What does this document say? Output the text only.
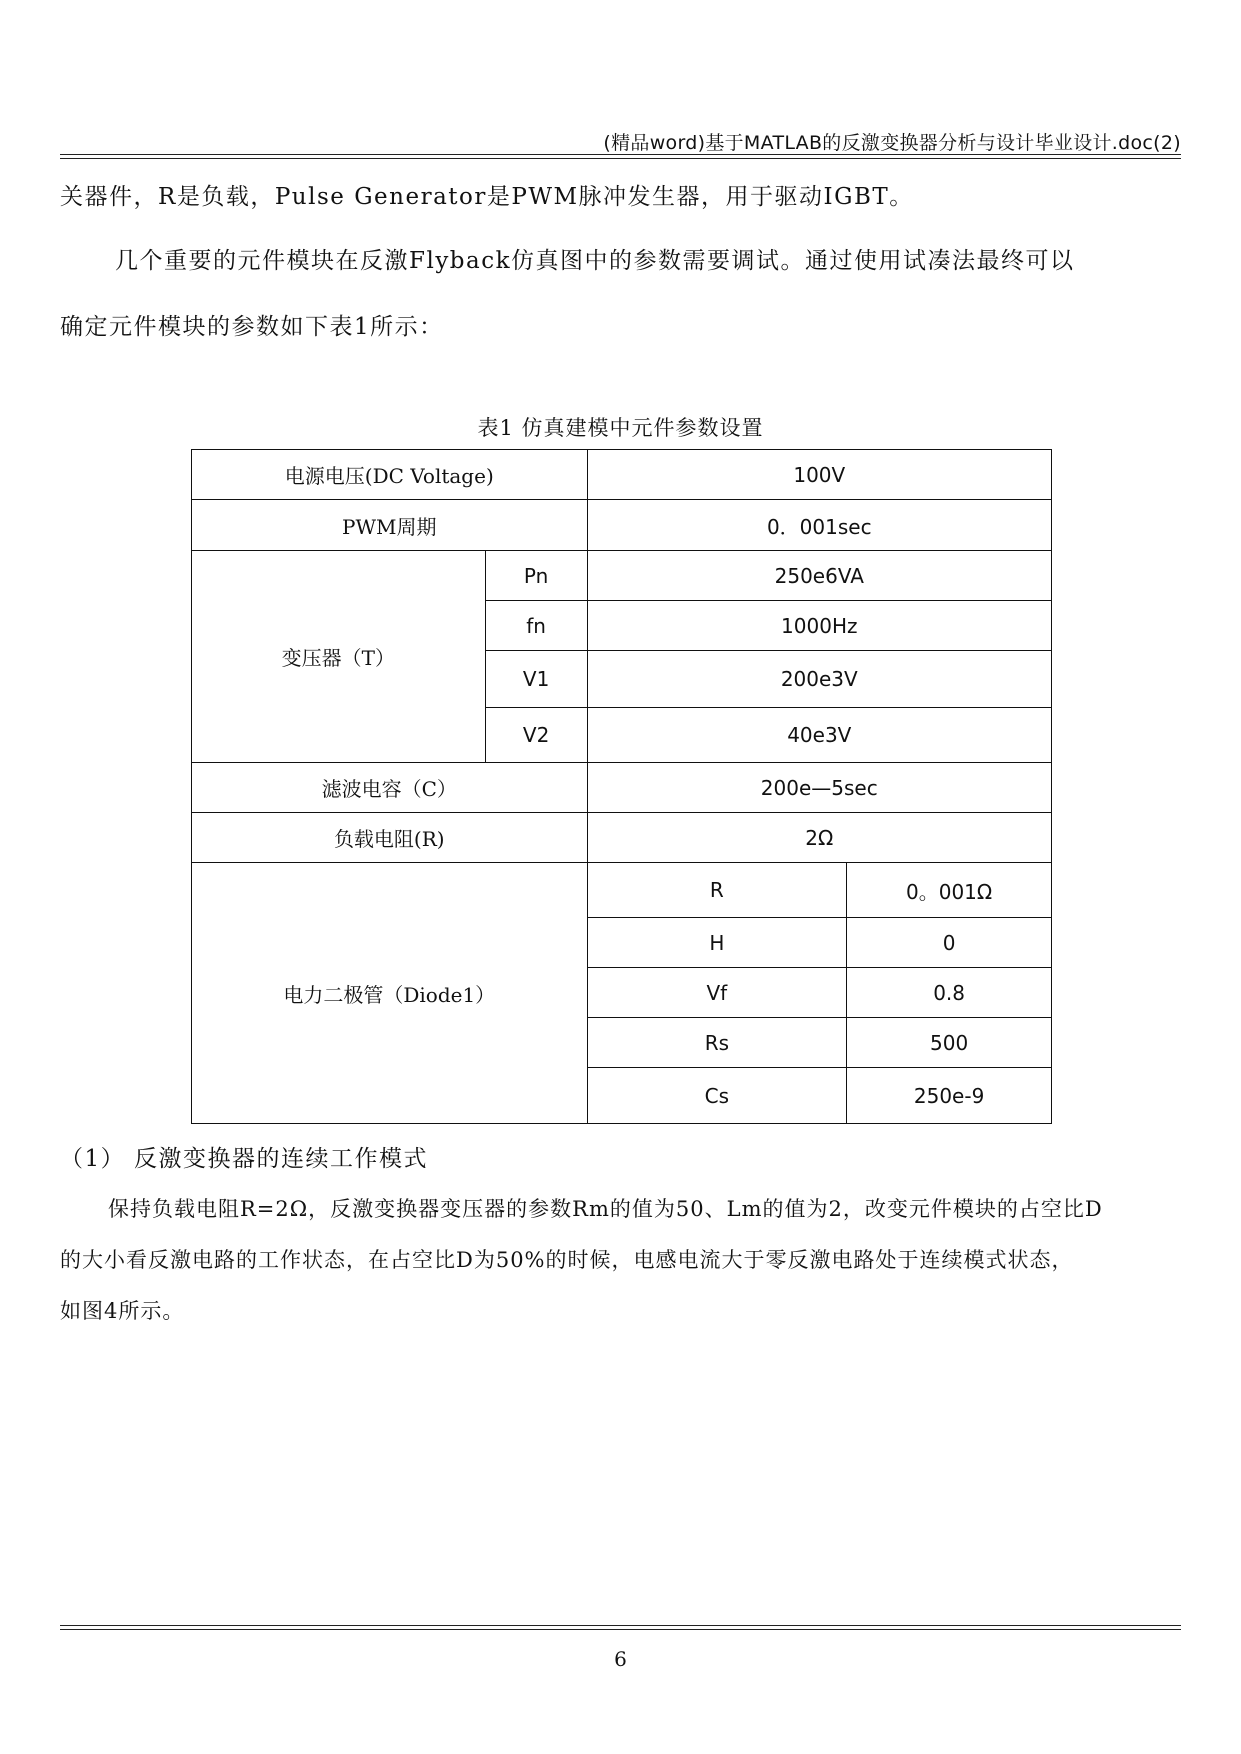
(精品word)基于MATLAB的反激变换器分析与设计毕业设计.doc(2)

关器件，R是负载，Pulse Generator是PWM脉冲发生器，用于驱动IGBT。

几个重要的元件模块在反激Flyback仿真图中的参数需要调试。通过使用试凑法最终可以

确定元件模块的参数如下表1所示：

表1 仿真建模中元件参数设置
电源电压(DC Voltage)		100V	
PWM周期		0．001sec	
变压器（T）	Pn	250e6VA	
	fn	1000Hz	
	V1	200e3V	
	V2	40e3V	
滤波电容（C）		200e—5sec	
负载电阻(R)		2Ω	
电力二极管（Diode1）		R	0。001Ω
		H	0
		Vf	0.8
		Rs	500
		Cs	250e-9
（1） 反激变换器的连续工作模式

保持负载电阻R=2Ω，反激变换器变压器的参数Rm的值为50、Lm的值为2，改变元件模块的占空比D

的大小看反激电路的工作状态，在占空比D为50%的时候，电感电流大于零反激电路处于连续模式状态，

如图4所示。

6
